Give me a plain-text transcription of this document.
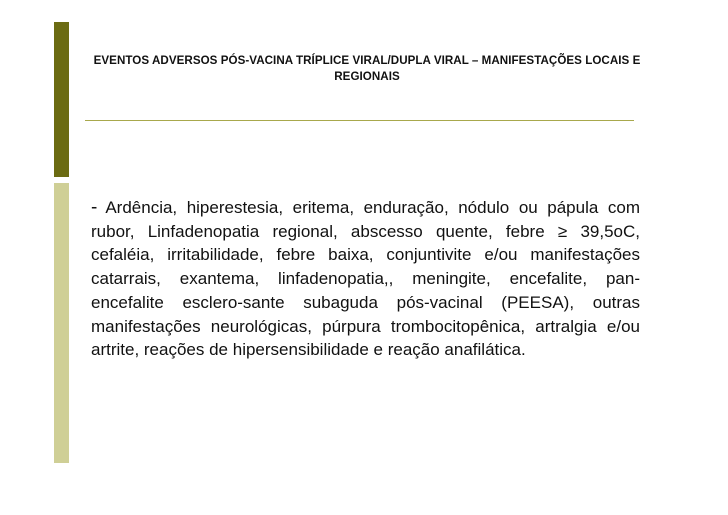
EVENTOS ADVERSOS PÓS-VACINA TRÍPLICE VIRAL/DUPLA VIRAL – MANIFESTAÇÕES LOCAIS E REGIONAIS

- Ardência, hiperestesia, eritema, enduração, nódulo ou pápula com rubor, Linfadenopatia regional, abscesso quente, febre ≥ 39,5oC, cefaléia, irritabilidade, febre baixa, conjuntivite e/ou manifestações catarrais, exantema, linfadenopatia,, meningite, encefalite, pan-encefalite esclero-sante subaguda pós-vacinal (PEESA), outras manifestações neurológicas, púrpura trombocitopênica, artralgia e/ou artrite, reações de hipersensibilidade e reação anafilática.
